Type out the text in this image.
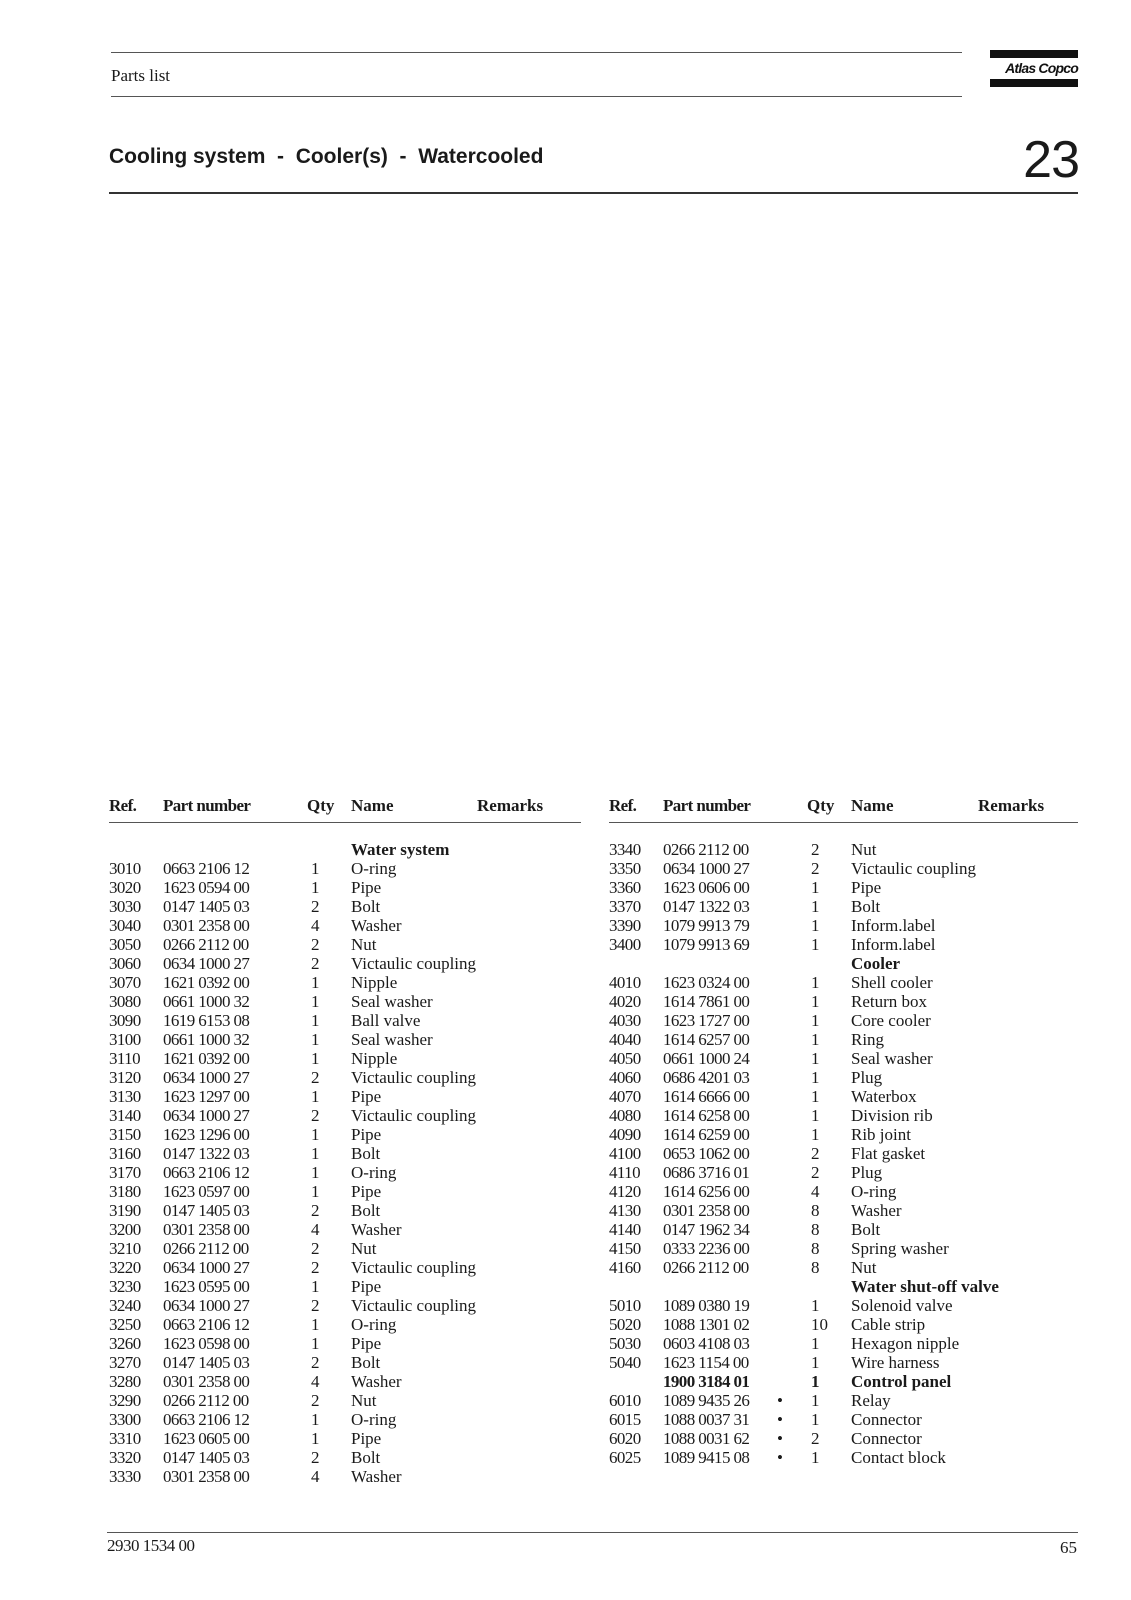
Parts list	Atlas Copco
Cooling system  -  Cooler(s)  -  Watercooled	23
Ref. Part number	Qty Name	Remarks
Water system
3010 0663 2106 12	1 O-ring
3020 1623 0594 00	1 Pipe
3030 0147 1405 03	2 Bolt
3040 0301 2358 00	4 Washer
3050 0266 2112 00	2 Nut
3060 0634 1000 27	2 Victaulic coupling
3070 1621 0392 00	1 Nipple
3080 0661 1000 32	1 Seal washer
3090 1619 6153 08	1 Ball valve
3100 0661 1000 32	1 Seal washer
3110 1621 0392 00	1 Nipple
3120 0634 1000 27	2 Victaulic coupling
3130 1623 1297 00	1 Pipe
3140 0634 1000 27	2 Victaulic coupling
3150 1623 1296 00	1 Pipe
3160 0147 1322 03	1 Bolt
3170 0663 2106 12	1 O-ring
3180 1623 0597 00	1 Pipe
3190 0147 1405 03	2 Bolt
3200 0301 2358 00	4 Washer
3210 0266 2112 00	2 Nut
3220 0634 1000 27	2 Victaulic coupling
3230 1623 0595 00	1 Pipe
3240 0634 1000 27	2 Victaulic coupling
3250 0663 2106 12	1 O-ring
3260 1623 0598 00	1 Pipe
3270 0147 1405 03	2 Bolt
3280 0301 2358 00	4 Washer
3290 0266 2112 00	2 Nut
3300 0663 2106 12	1 O-ring
3310 1623 0605 00	1 Pipe
3320 0147 1405 03	2 Bolt
3330 0301 2358 00	4 Washer
Ref. Part number	Qty Name	Remarks
3340 0266 2112 00	2 Nut
3350 0634 1000 27	2 Victaulic coupling
3360 1623 0606 00	1 Pipe
3370 0147 1322 03	1 Bolt
3390 1079 9913 79	1 Inform.label
3400 1079 9913 69	1 Inform.label
Cooler
4010 1623 0324 00	1 Shell cooler
4020 1614 7861 00	1 Return box
4030 1623 1727 00	1 Core cooler
4040 1614 6257 00	1 Ring
4050 0661 1000 24	1 Seal washer
4060 0686 4201 03	1 Plug
4070 1614 6666 00	1 Waterbox
4080 1614 6258 00	1 Division rib
4090 1614 6259 00	1 Rib joint
4100 0653 1062 00	2 Flat gasket
4110 0686 3716 01	2 Plug
4120 1614 6256 00	4 O-ring
4130 0301 2358 00	8 Washer
4140 0147 1962 34	8 Bolt
4150 0333 2236 00	8 Spring washer
4160 0266 2112 00	8 Nut
Water shut-off valve
5010 1089 0380 19	1 Solenoid valve
5020 1088 1301 02	10 Cable strip
5030 0603 4108 03	1 Hexagon nipple
5040 1623 1154 00	1 Wire harness
1900 3184 01	1 Control panel
6010 1089 9435 26 • 1 Relay
6015 1088 0037 31 • 1 Connector
6020 1088 0031 62 • 2 Connector
6025 1089 9415 08 • 1 Contact block
2930 1534 00	65
